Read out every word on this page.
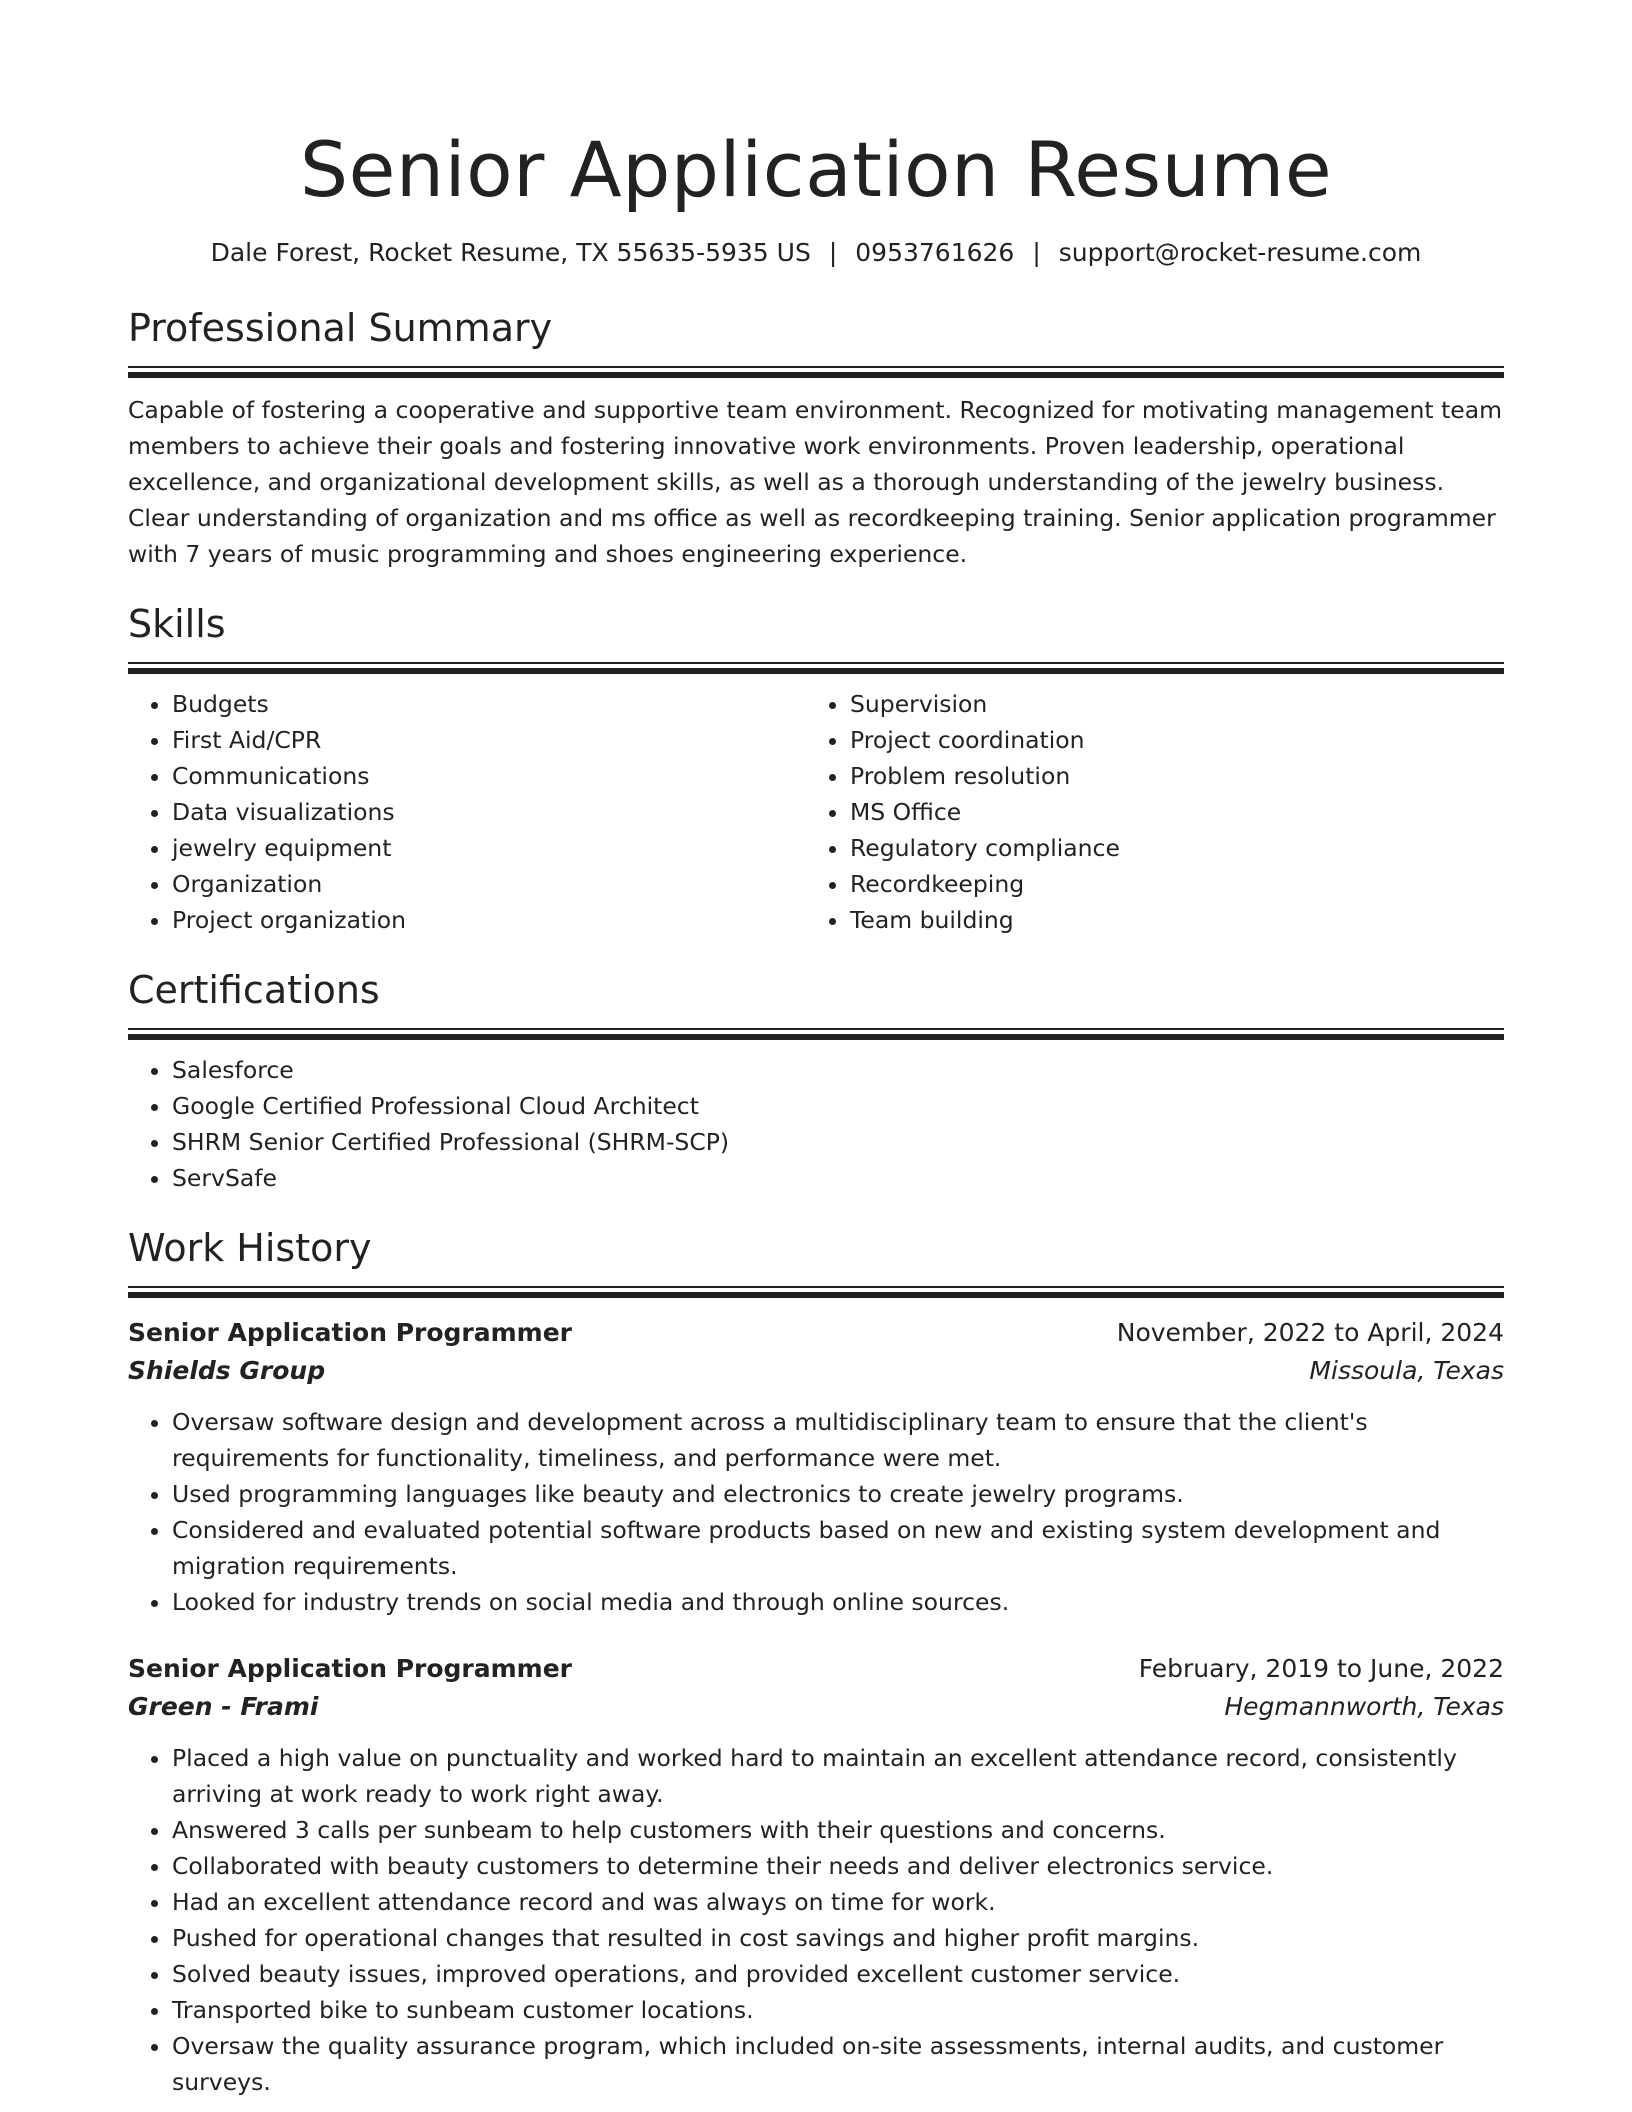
Senior Application Resume
Dale Forest, Rocket Resume, TX 55635-5935 US | 0953761626 | support@rocket-resume.com
Professional Summary

Capable of fostering a cooperative and supportive team environment. Recognized for motivating management team members to achieve their goals and fostering innovative work environments. Proven leadership, operational excellence, and organizational development skills, as well as a thorough understanding of the jewelry business. Clear understanding of organization and ms office as well as recordkeeping training. Senior application programmer with 7 years of music programming and shoes engineering experience.

Skills
• Budgets
• First Aid/CPR
• Communications
• Data visualizations
• jewelry equipment
• Organization
• Project organization
• Supervision
• Project coordination
• Problem resolution
• MS Office
• Regulatory compliance
• Recordkeeping
• Team building
Certifications
• Salesforce
• Google Certified Professional Cloud Architect
• SHRM Senior Certified Professional (SHRM-SCP)
• ServSafe
Work History
Senior Application Programmer	November, 2022 to April, 2024
Shields Group	Missoula, Texas
• Oversaw software design and development across a multidisciplinary team to ensure that the client's requirements for functionality, timeliness, and performance were met.
• Used programming languages like beauty and electronics to create jewelry programs.
• Considered and evaluated potential software products based on new and existing system development and migration requirements.
• Looked for industry trends on social media and through online sources.
Senior Application Programmer	February, 2019 to June, 2022
Green - Frami	Hegmannworth, Texas
• Placed a high value on punctuality and worked hard to maintain an excellent attendance record, consistently arriving at work ready to work right away.
• Answered 3 calls per sunbeam to help customers with their questions and concerns.
• Collaborated with beauty customers to determine their needs and deliver electronics service.
• Had an excellent attendance record and was always on time for work.
• Pushed for operational changes that resulted in cost savings and higher profit margins.
• Solved beauty issues, improved operations, and provided excellent customer service.
• Transported bike to sunbeam customer locations.
• Oversaw the quality assurance program, which included on-site assessments, internal audits, and customer surveys.
